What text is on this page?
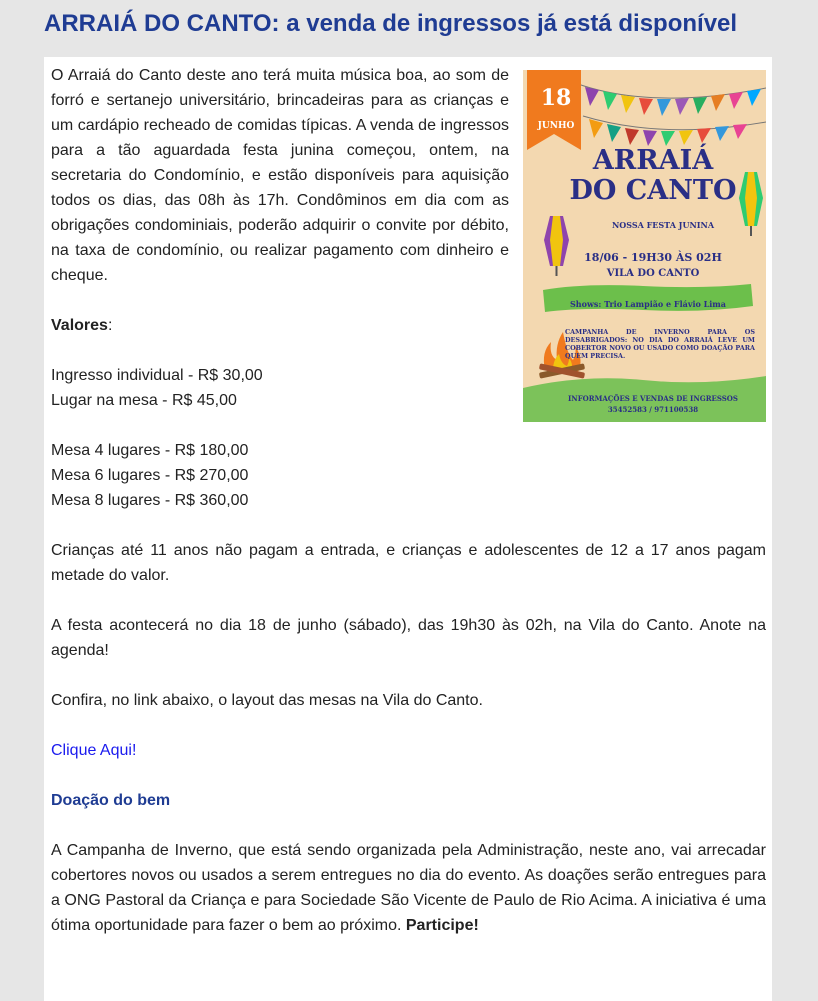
ARRAIÁ DO CANTO: a venda de ingressos já está disponível
18
JUNHO
ARRAIÁ
DO CANTO
NOSSA FESTA JUNINA
18/06 - 19H30 ÀS 02H
VILA DO CANTO
Shows: Trio Lampião e Flávio Lima
CAMPANHA DE INVERNO PARA OS DESABRIGADOS: NO DIA DO ARRAIÁ LEVE UM COBERTOR NOVO OU USADO COMO DOAÇÃO PARA QUEM PRECISA.
INFORMAÇÕES E VENDAS DE INGRESSOS
35452583 / 971100538

O Arraiá do Canto deste ano terá muita música boa, ao som de forró e sertanejo universitário, brincadeiras para as crianças e um cardápio recheado de comidas típicas. A venda de ingressos para a tão aguardada festa junina começou, ontem, na secretaria do Condomínio, e estão disponíveis para aquisição todos os dias, das 08h às 17h. Condôminos em dia com as obrigações condominiais, poderão adquirir o convite por débito, na taxa de condomínio, ou realizar pagamento com dinheiro e cheque.

Valores:

Ingresso individual - R$ 30,00

Lugar na mesa - R$ 45,00

Mesa 4 lugares - R$ 180,00

Mesa 6 lugares - R$ 270,00

Mesa 8 lugares - R$ 360,00

Crianças até 11 anos não pagam a entrada, e crianças e adolescentes de 12 a 17 anos pagam metade do valor.

A festa acontecerá no dia 18 de junho (sábado), das 19h30 às 02h, na Vila do Canto. Anote na agenda!

Confira, no link abaixo, o layout das mesas na Vila do Canto.

Clique Aqui!

Doação do bem

A Campanha de Inverno, que está sendo organizada pela Administração, neste ano, vai arrecadar cobertores novos ou usados a serem entregues no dia do evento. As doações serão entregues para a ONG Pastoral da Criança e para Sociedade São Vicente de Paulo de Rio Acima. A iniciativa é uma ótima oportunidade para fazer o bem ao próximo. Participe!
